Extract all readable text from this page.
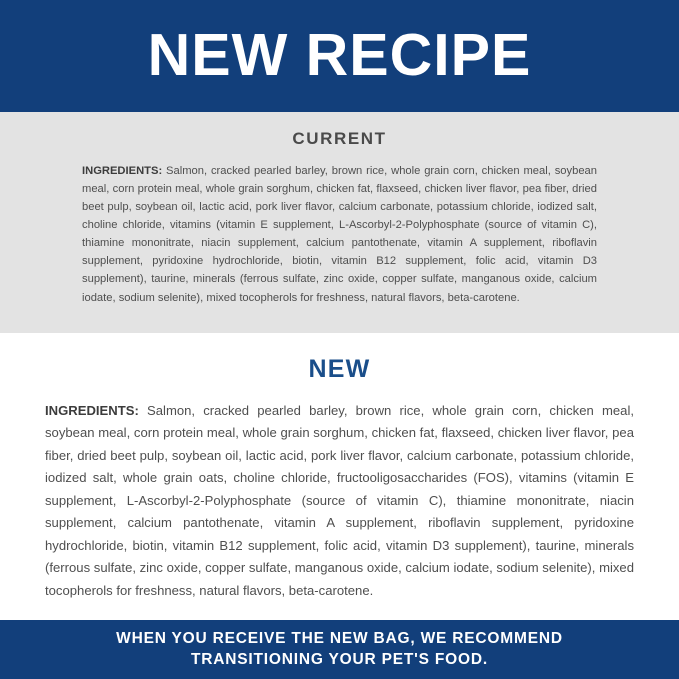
NEW RECIPE
CURRENT

INGREDIENTS: Salmon, cracked pearled barley, brown rice, whole grain corn, chicken meal, soybean meal, corn protein meal, whole grain sorghum, chicken fat, flaxseed, chicken liver flavor, pea fiber, dried beet pulp, soybean oil, lactic acid, pork liver flavor, calcium carbonate, potassium chloride, iodized salt, choline chloride, vitamins (vitamin E supplement, L-Ascorbyl-2-Polyphosphate (source of vitamin C), thiamine mononitrate, niacin supplement, calcium pantothenate, vitamin A supplement, riboflavin supplement, pyridoxine hydrochloride, biotin, vitamin B12 supplement, folic acid, vitamin D3 supplement), taurine, minerals (ferrous sulfate, zinc oxide, copper sulfate, manganous oxide, calcium iodate, sodium selenite), mixed tocopherols for freshness, natural flavors, beta-carotene.

NEW

INGREDIENTS: Salmon, cracked pearled barley, brown rice, whole grain corn, chicken meal, soybean meal, corn protein meal, whole grain sorghum, chicken fat, flaxseed, chicken liver flavor, pea fiber, dried beet pulp, soybean oil, lactic acid, pork liver flavor, calcium carbonate, potassium chloride, iodized salt, whole grain oats, choline chloride, fructooligosaccharides (FOS), vitamins (vitamin E supplement, L-Ascorbyl-2-Polyphosphate (source of vitamin C), thiamine mononitrate, niacin supplement, calcium pantothenate, vitamin A supplement, riboflavin supplement, pyridoxine hydrochloride, biotin, vitamin B12 supplement, folic acid, vitamin D3 supplement), taurine, minerals (ferrous sulfate, zinc oxide, copper sulfate, manganous oxide, calcium iodate, sodium selenite), mixed tocopherols for freshness, natural flavors, beta-carotene.

WHEN YOU RECEIVE THE NEW BAG, WE RECOMMEND
TRANSITIONING YOUR PET'S FOOD.
